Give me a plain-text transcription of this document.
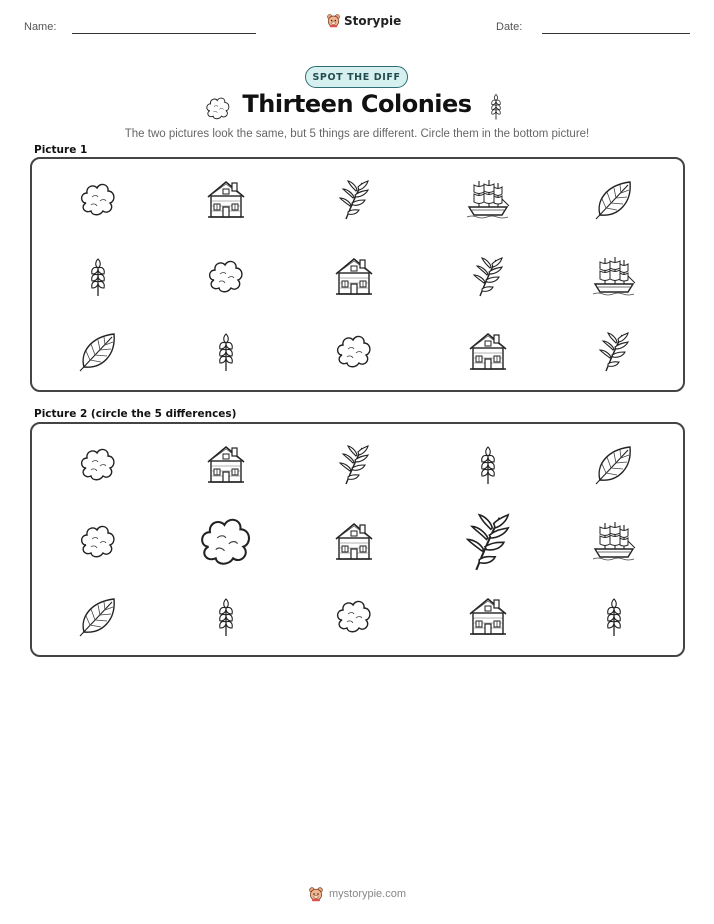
Name:	Storypie	Date:
SPOT THE DIFF
Thirteen Colonies
The two pictures look the same, but 5 things are different. Circle them in the bottom picture!
Picture 1
Picture 2 (circle the 5 differences)
mystorypie.com
